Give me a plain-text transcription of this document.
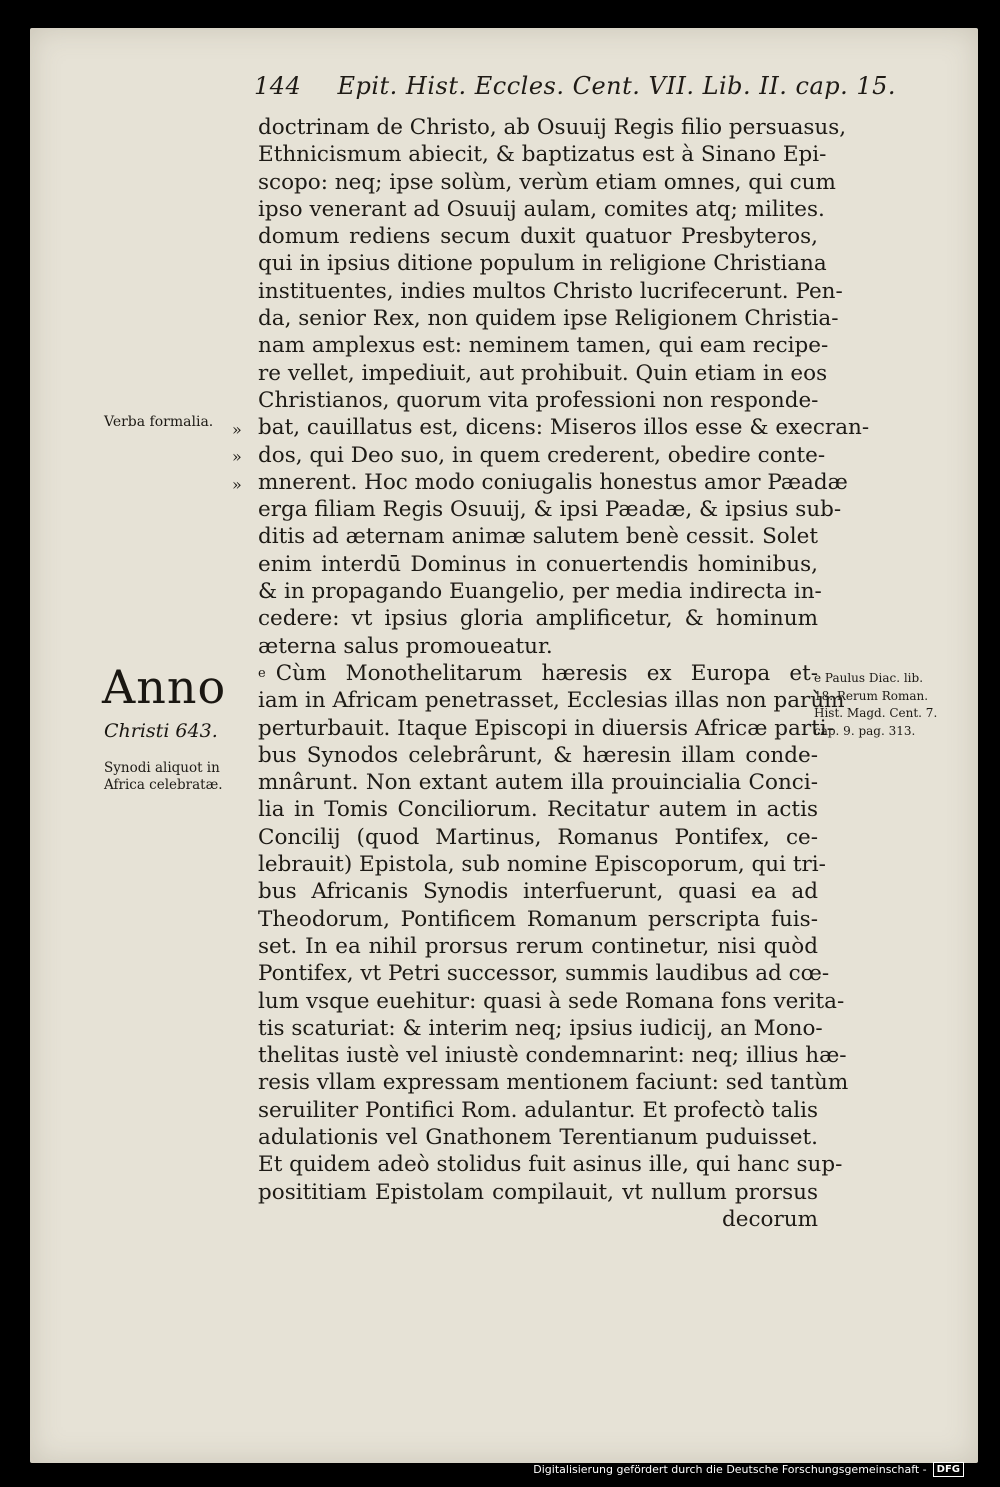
144 Epit. Hist. Eccles. Cent. VII. Lib. II. cap. 15.
doctrinam de Christo, ab Osuuij Regis filio persuasus,
Ethnicismum abiecit, & baptizatus est à Sinano Epi-
scopo: neq; ipse solùm, verùm etiam omnes, qui cum
ipso venerant ad Osuuij aulam, comites atq; milites.
domum rediens secum duxit quatuor Presbyteros,
qui in ipsius ditione populum in religione Christiana
instituentes, indies multos Christo lucrifecerunt. Pen-
da, senior Rex, non quidem ipse Religionem Christia-
nam amplexus est: neminem tamen, qui eam recipe-
re vellet, impediuit, aut prohibuit. Quin etiam in eos
Christianos, quorum vita professioni non responde-
bat, cauillatus est, dicens: Miseros illos esse & execran-
dos, qui Deo suo, in quem crederent, obedire conte-
mnerent. Hoc modo coniugalis honestus amor Pæadæ
erga filiam Regis Osuuij, & ipsi Pæadæ, & ipsius sub-
ditis ad æternam animæ salutem benè cessit. Solet
enim interdū Dominus in conuertendis hominibus,
& in propagando Euangelio, per media indirecta in-
cedere: vt ipsius gloria amplificetur, & hominum
æterna salus promoueatur.
e Cùm Monothelitarum hæresis ex Europa et-
iam in Africam penetrasset, Ecclesias illas non parùm
perturbauit. Itaque Episcopi in diuersis Africæ parti-
bus Synodos celebrârunt, & hæresin illam conde-
mnârunt. Non extant autem illa prouincialia Conci-
lia in Tomis Conciliorum. Recitatur autem in actis
Concilij (quod Martinus, Romanus Pontifex, ce-
lebrauit) Epistola, sub nomine Episcoporum, qui tri-
bus Africanis Synodis interfuerunt, quasi ea ad
Theodorum, Pontificem Romanum perscripta fuis-
set. In ea nihil prorsus rerum continetur, nisi quòd
Pontifex, vt Petri successor, summis laudibus ad cœ-
lum vsque euehitur: quasi à sede Romana fons verita-
tis scaturiat: & interim neq; ipsius iudicij, an Mono-
thelitas iustè vel iniustè condemnarint: neq; illius hæ-
resis vllam expressam mentionem faciunt: sed tantùm
seruiliter Pontifici Rom. adulantur. Et profectò talis
adulationis vel Gnathonem Terentianum puduisset.
Et quidem adeò stolidus fuit asinus ille, qui hanc sup-
posititiam Epistolam compilauit, vt nullum prorsus
decorum
Verba formalia. »
»
»
Anno
Christi 643.
Synodi aliquot in
Africa celebratæ.
e Paulus Diac. lib.
18. Rerum Roman.
Hist. Magd. Cent. 7.
cap. 9. pag. 313.
Digitalisierung gefördert durch die Deutsche Forschungsgemeinschaft -	DFG
